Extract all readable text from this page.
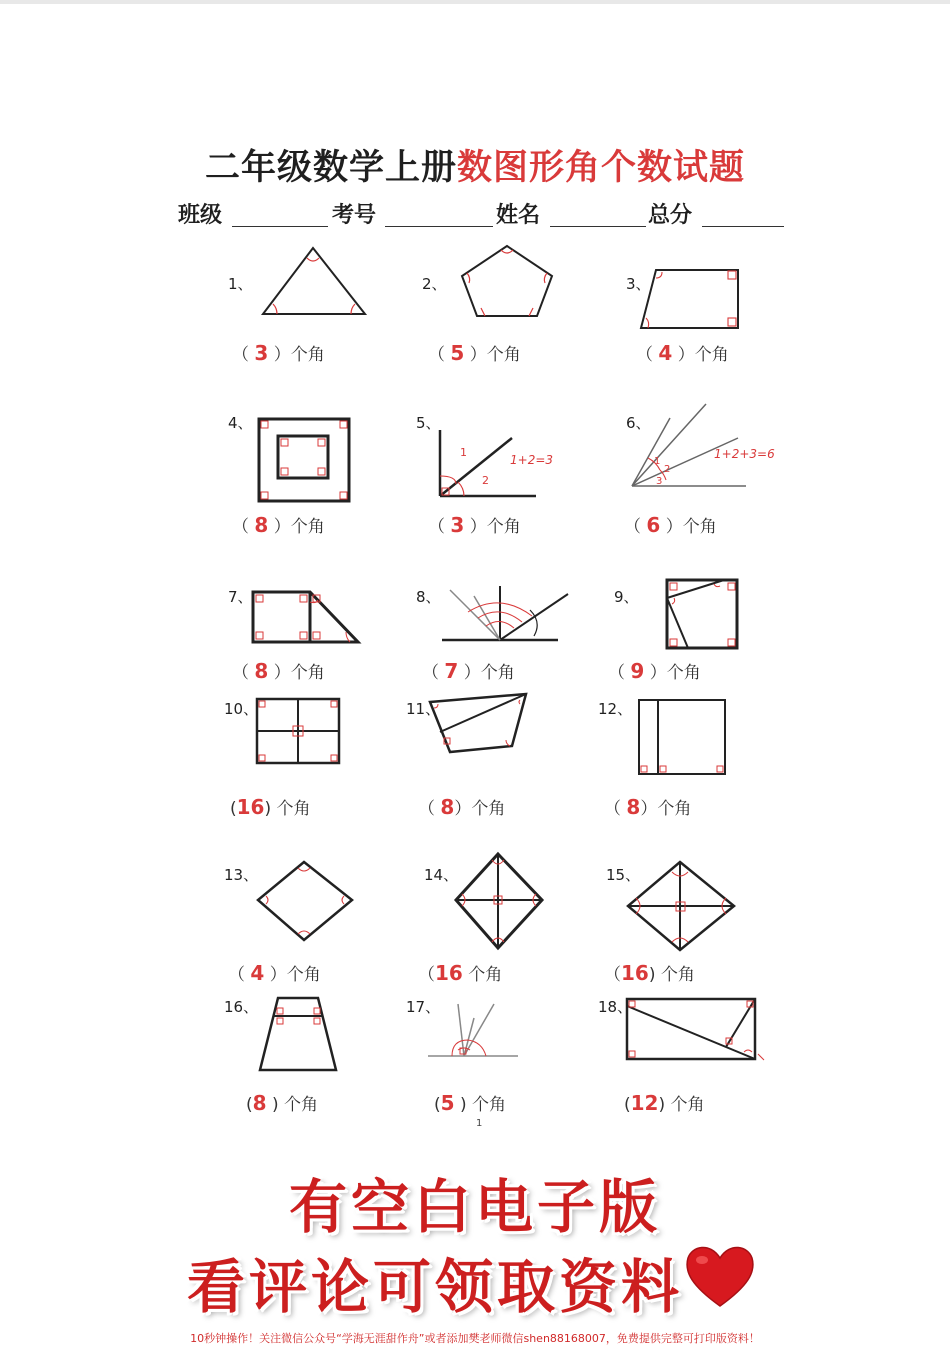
二年级数学上册数图形角个数试题
班级	考号	姓名	总分
1、
（ 3 ）个角
2、
（ 5 ）个角
3、
（ 4 ）个角
4、
（ 8 ）个角
5、
1
2
1+2=3
（ 3 ）个角
6、
1
2
3
1+2+3=6
（ 6 ）个角
7、
（ 8 ）个角
8、
（ 7 ）个角
9、
（ 9 ）个角
10、
(16) 个角
11、
（ 8）个角
12、
（ 8）个角
13、
（ 4 ）个角
14、
（16 个角
15、
（16) 个角
16、
(8 ) 个角
17、
(5 ) 个角
18、
(12) 个角
1
有空白电子版
看评论可领取资料
10秒钟操作！关注微信公众号“学海无涯甜作舟”或者添加樊老师微信shen88168007，免费提供完整可打印版资料！
